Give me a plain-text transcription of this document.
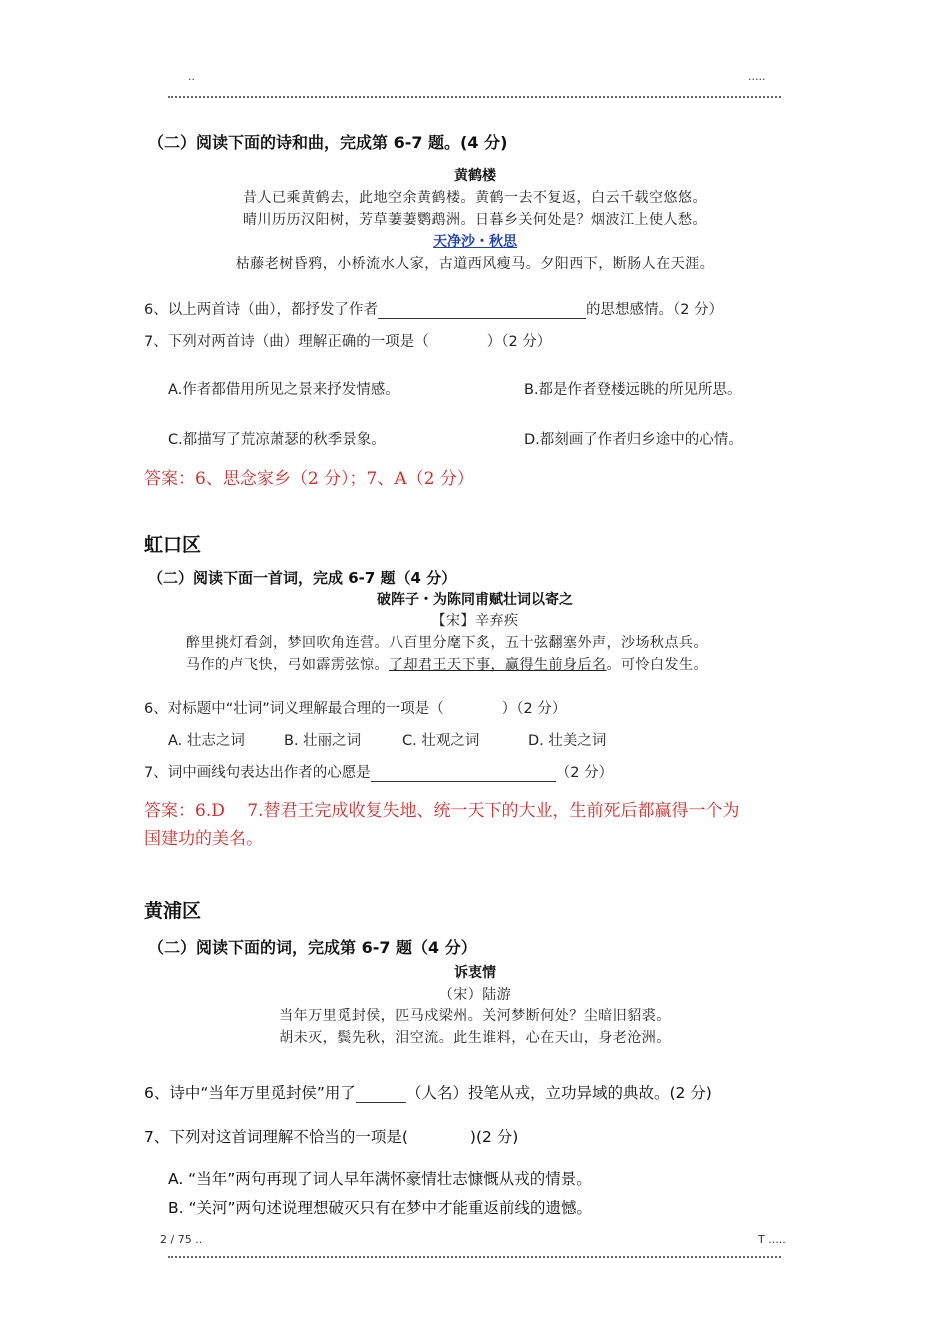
..	.....
（二）阅读下面的诗和曲，完成第 6-7 题。(4 分)
黄鹤楼
昔人已乘黄鹤去，此地空余黄鹤楼。黄鹤一去不复返，白云千载空悠悠。
晴川历历汉阳树，芳草萋萋鹦鹉洲。日暮乡关何处是？烟波江上使人愁。
天净沙・秋思
枯藤老树昏鸦，小桥流水人家，古道西风瘦马。夕阳西下，断肠人在天涯。
6、以上两首诗（曲），都抒发了作者	的思想感情。（2 分）
7、下列对两首诗（曲）理解正确的一项是（　　　　）（2 分）
A.作者都借用所见之景来抒发情感。	B.都是作者登楼远眺的所见所思。
C.都描写了荒凉萧瑟的秋季景象。	D.都刻画了作者归乡途中的心情。
答案：6、思念家乡（2 分）；7、A（2 分）
虹口区
（二）阅读下面一首词，完成 6-7 题（4 分）
破阵子・为陈同甫赋壮词以寄之
【宋】辛弃疾
醉里挑灯看剑，梦回吹角连营。八百里分麾下炙，五十弦翻塞外声，沙场秋点兵。
马作的卢飞快，弓如霹雳弦惊。了却君王天下事，赢得生前身后名。可怜白发生。
6、对标题中“壮词”词义理解最合理的一项是（　　　　）（2 分）
A. 壮志之词	B. 壮丽之词	C. 壮观之词	D. 壮美之词
7、词中画线句表达出作者的心愿是	（2 分）
答案：6.D　 7.替君王完成收复失地、统一天下的大业，生前死后都赢得一个为
国建功的美名。
黄浦区
（二）阅读下面的词，完成第 6-7 题（4 分）
诉衷情
（宋）陆游
当年万里觅封侯，匹马戍梁州。关河梦断何处？尘暗旧貂裘。
胡未灭，鬓先秋，泪空流。此生谁料，心在天山，身老沧洲。
6、诗中“当年万里觅封侯”用了	（人名）投笔从戎，立功异域的典故。(2 分)
7、下列对这首词理解不恰当的一项是(　　　　)(2 分)
A. “当年”两句再现了词人早年满怀豪情壮志慷慨从戎的情景。
B. “关河”两句述说理想破灭只有在梦中才能重返前线的遗憾。
2 / 75 ..	T .....
